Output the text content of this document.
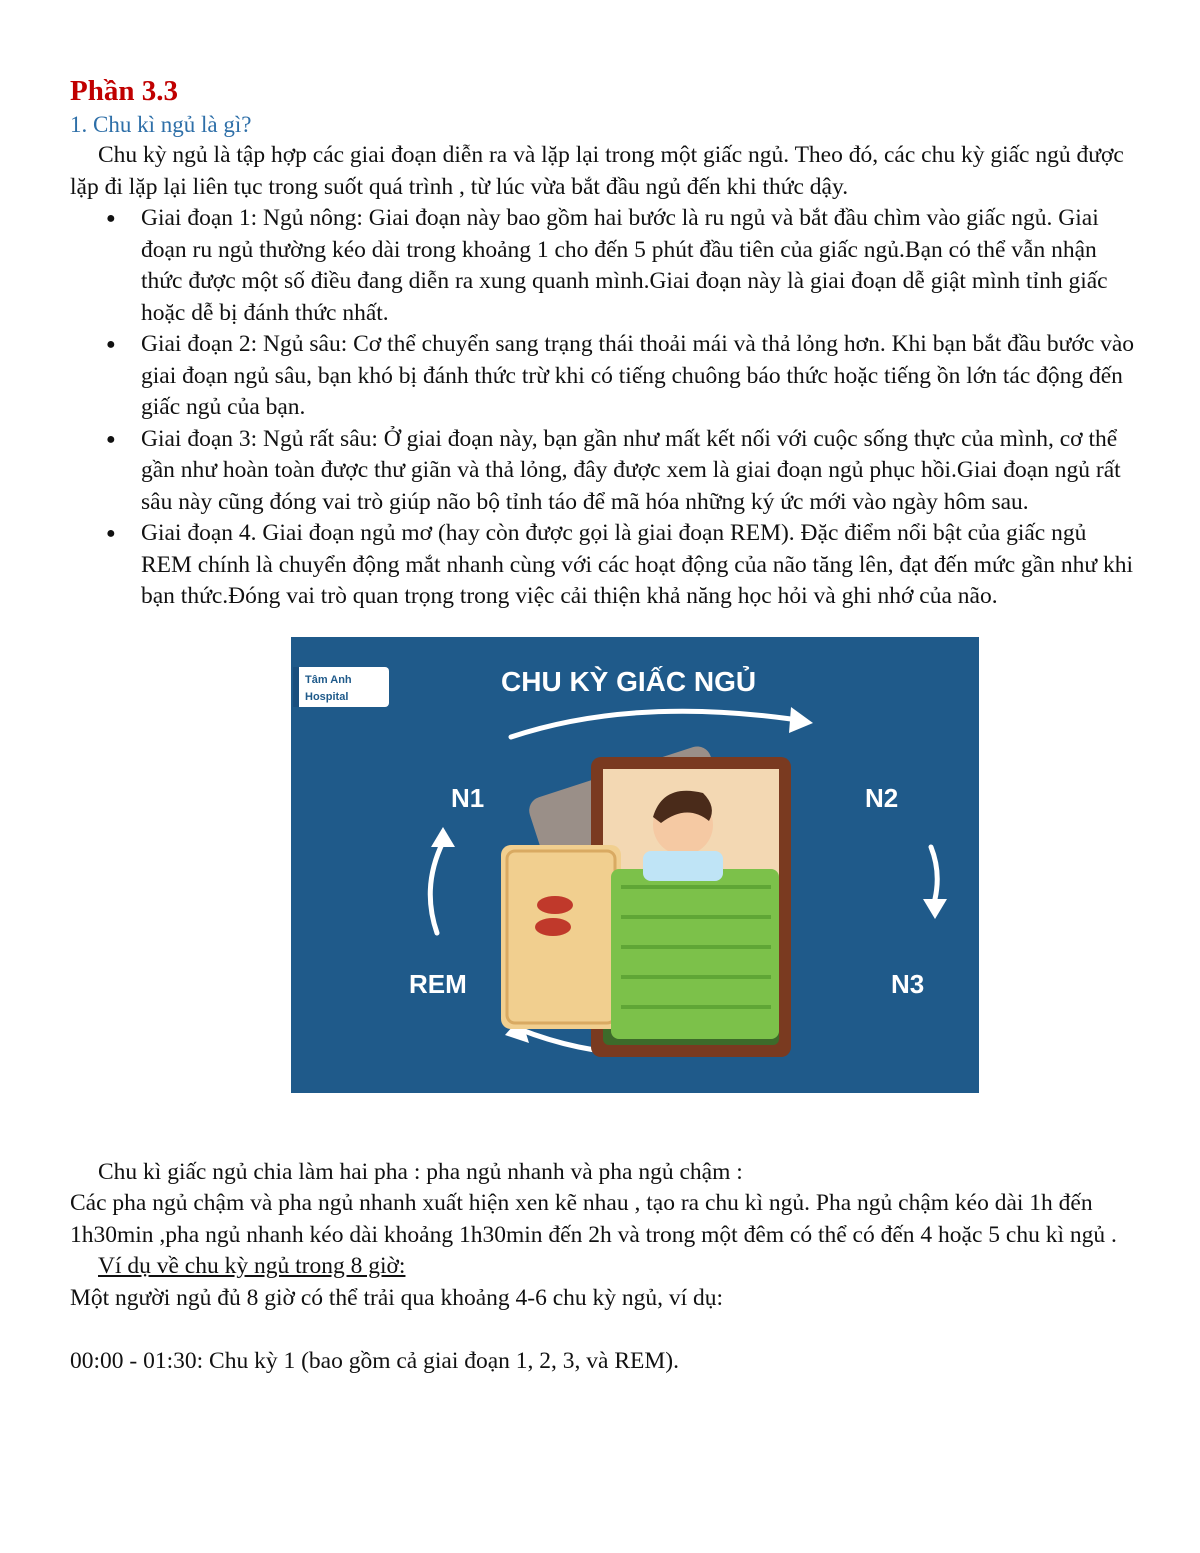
Phần 3.3
1. Chu kì ngủ là gì?

Chu kỳ ngủ là tập hợp các giai đoạn diễn ra và lặp lại trong một giấc ngủ. Theo đó, các chu kỳ giấc ngủ được lặp đi lặp lại liên tục trong suốt quá trình , từ lúc vừa bắt đầu ngủ đến khi thức dậy.

● Giai đoạn 1: Ngủ nông: Giai đoạn này bao gồm hai bước là ru ngủ và bắt đầu chìm vào giấc ngủ. Giai đoạn ru ngủ thường kéo dài trong khoảng 1 cho đến 5 phút đầu tiên của giấc ngủ.Bạn có thể vẫn nhận thức được một số điều đang diễn ra xung quanh mình.Giai đoạn này là giai đoạn dễ giật mình tỉnh giấc hoặc dễ bị đánh thức nhất.
● Giai đoạn 2: Ngủ sâu: Cơ thể chuyển sang trạng thái thoải mái và thả lỏng hơn. Khi bạn bắt đầu bước vào giai đoạn ngủ sâu, bạn khó bị đánh thức trừ khi có tiếng chuông báo thức hoặc tiếng ồn lớn tác động đến giấc ngủ của bạn.
● Giai đoạn 3: Ngủ rất sâu: Ở giai đoạn này, bạn gần như mất kết nối với cuộc sống thực của mình, cơ thể gần như hoàn toàn được thư giãn và thả lỏng, đây được xem là giai đoạn ngủ phục hồi.Giai đoạn ngủ rất sâu này cũng đóng vai trò giúp não bộ tỉnh táo để mã hóa những ký ức mới vào ngày hôm sau.
● Giai đoạn 4. Giai đoạn ngủ mơ (hay còn được gọi là giai đoạn REM). Đặc điểm nổi bật của giấc ngủ REM chính là chuyển động mắt nhanh cùng với các hoạt động của não tăng lên, đạt đến mức gần như khi bạn thức.Đóng vai trò quan trọng trong việc cải thiện khả năng học hỏi và ghi nhớ của não.
Tâm Anh
Hospital	CHU KỲ GIẤC NGỦ
N1	N2
N3
REM

Chu kì giấc ngủ chia làm hai pha : pha ngủ nhanh và pha ngủ chậm :

Các pha ngủ chậm và pha ngủ nhanh xuất hiện xen kẽ nhau , tạo ra chu kì ngủ. Pha ngủ chậm kéo dài 1h đến 1h30min ,pha ngủ nhanh kéo dài khoảng 1h30min đến 2h và trong một đêm có thể có đến 4 hoặc 5 chu kì ngủ .

Ví dụ về chu kỳ ngủ trong 8 giờ:

Một người ngủ đủ 8 giờ có thể trải qua khoảng 4-6 chu kỳ ngủ, ví dụ:

00:00 - 01:30: Chu kỳ 1 (bao gồm cả giai đoạn 1, 2, 3, và REM).
